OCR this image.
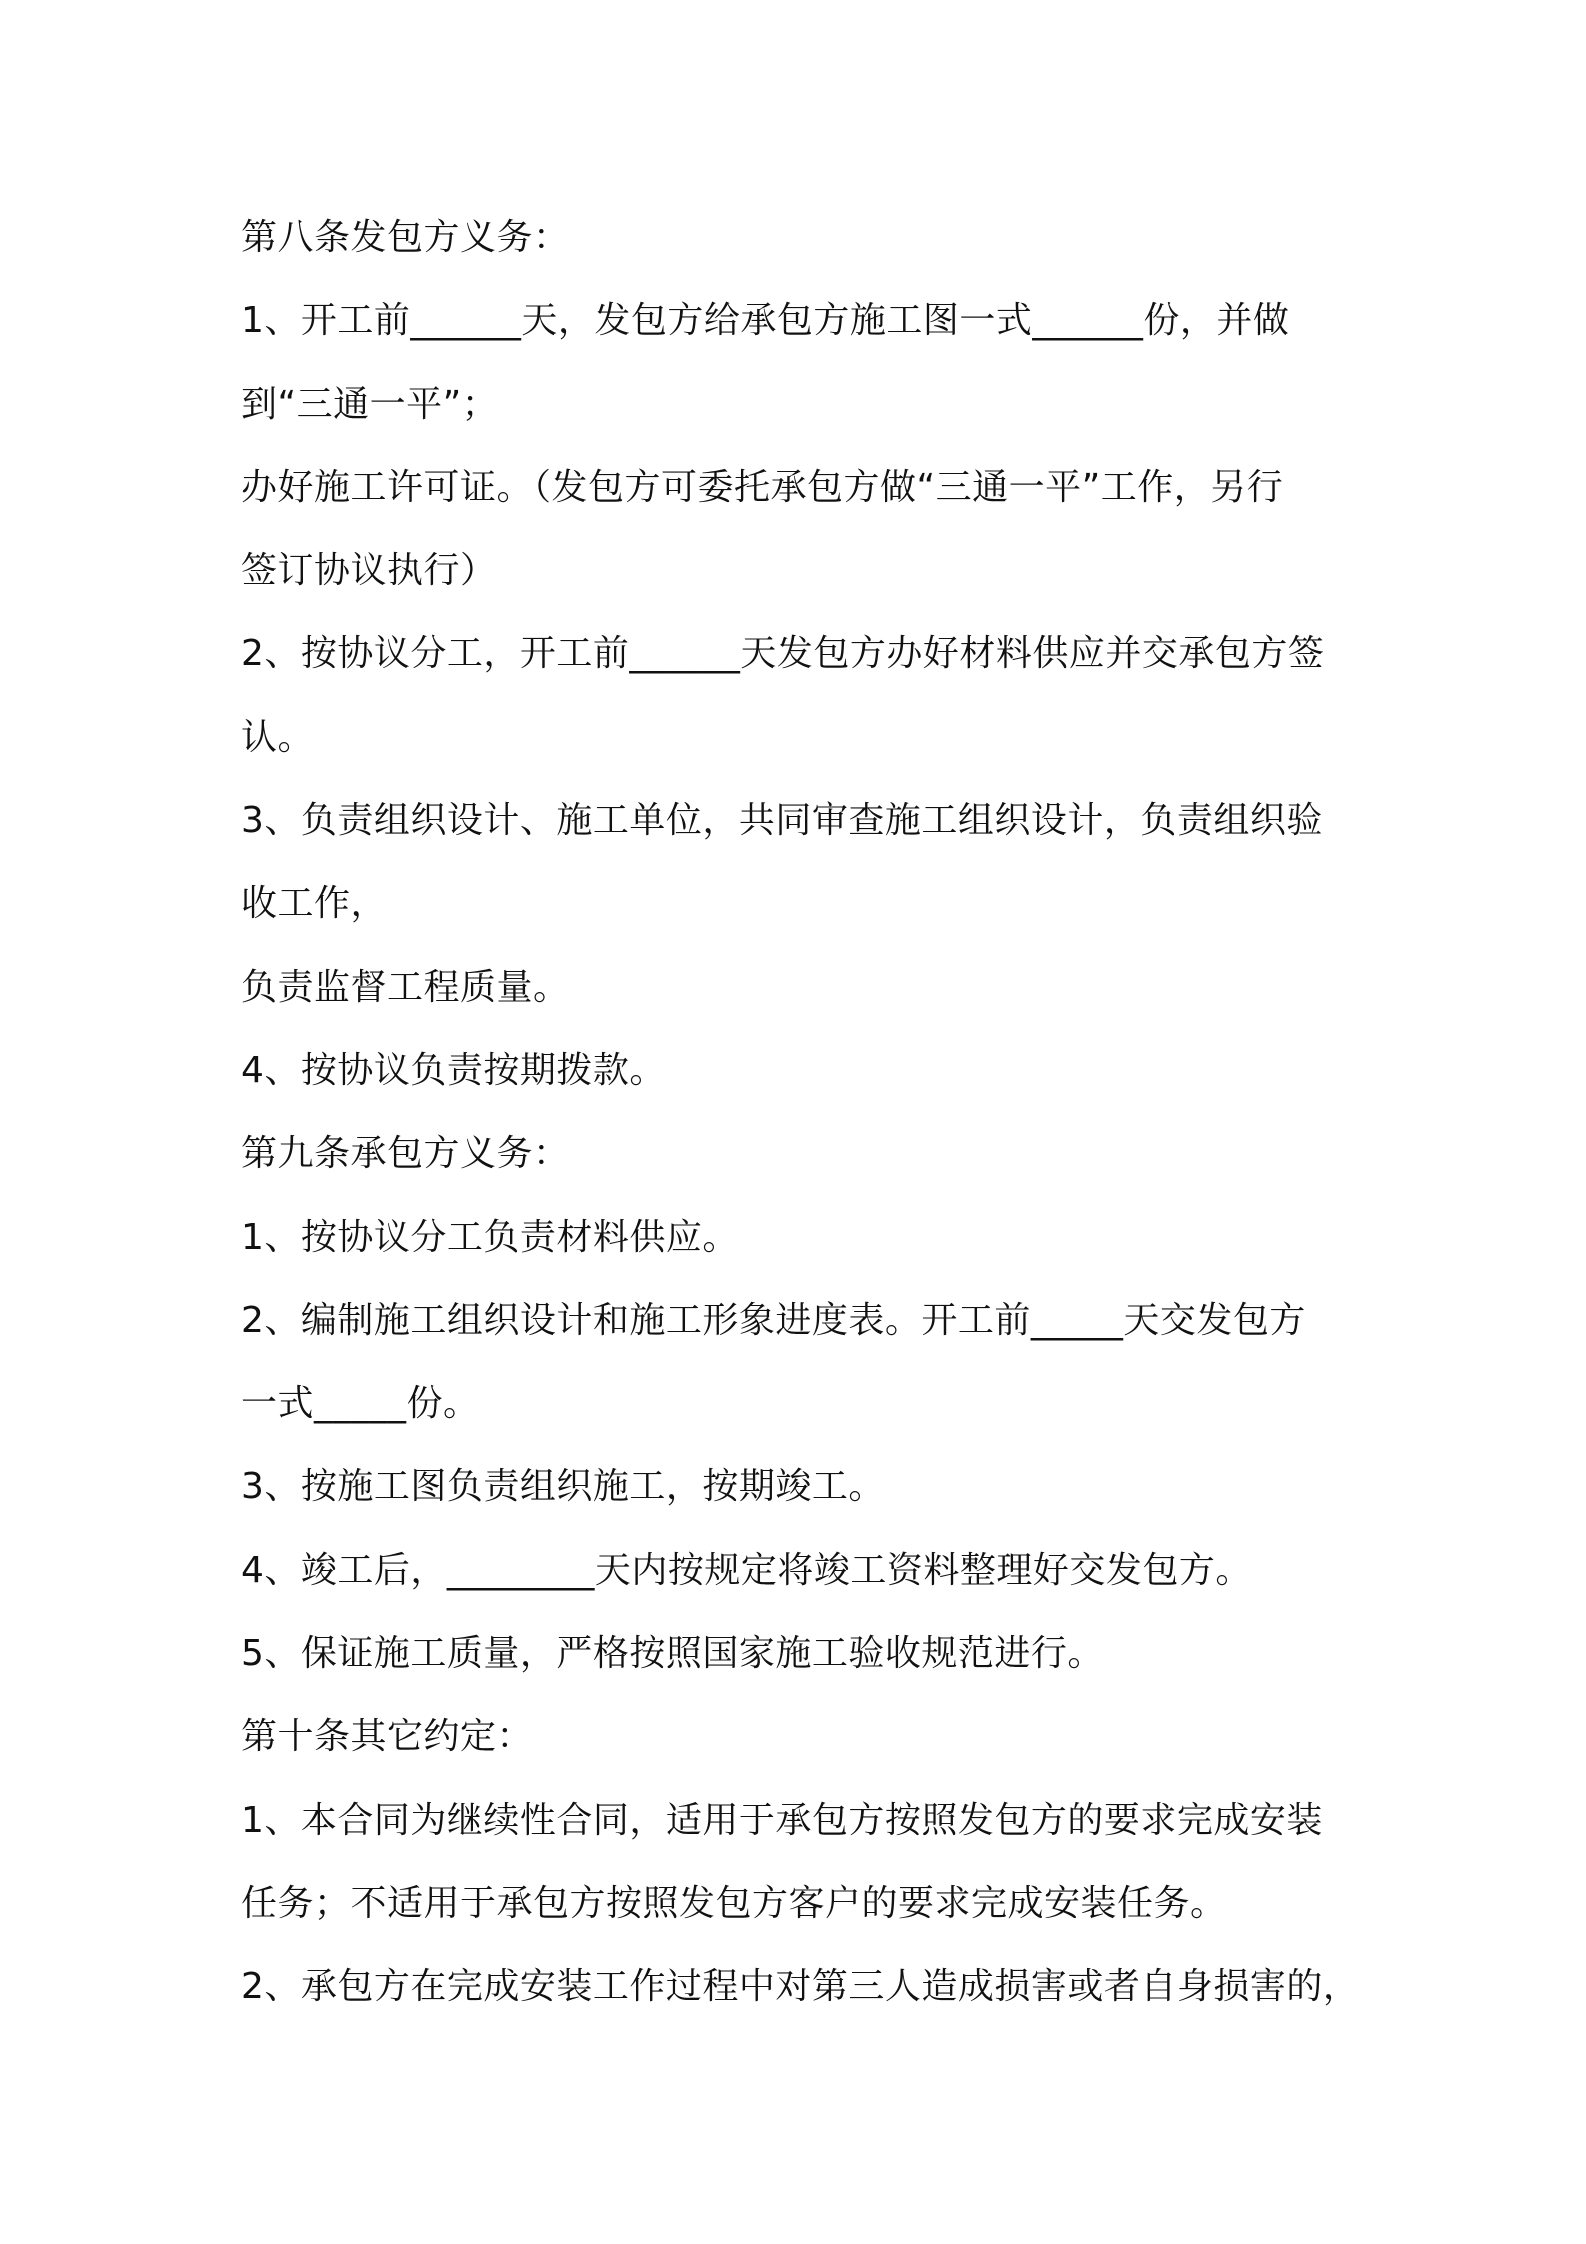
第八条发包方义务：

1、开工前______天，发包方给承包方施工图一式______份，并做

到“三通一平”；

办好施工许可证。（发包方可委托承包方做“三通一平”工作，另行

签订协议执行）

2、按协议分工，开工前______天发包方办好材料供应并交承包方签

认。

3、负责组织设计、施工单位，共同审查施工组织设计，负责组织验

收工作，

负责监督工程质量。

4、按协议负责按期拨款。

第九条承包方义务：

1、按协议分工负责材料供应。

2、编制施工组织设计和施工形象进度表。开工前_____天交发包方

一式_____份。

3、按施工图负责组织施工，按期竣工。

4、竣工后，________天内按规定将竣工资料整理好交发包方。

5、保证施工质量，严格按照国家施工验收规范进行。

第十条其它约定：

1、本合同为继续性合同，适用于承包方按照发包方的要求完成安装

任务；不适用于承包方按照发包方客户的要求完成安装任务。

2、承包方在完成安装工作过程中对第三人造成损害或者自身损害的，
